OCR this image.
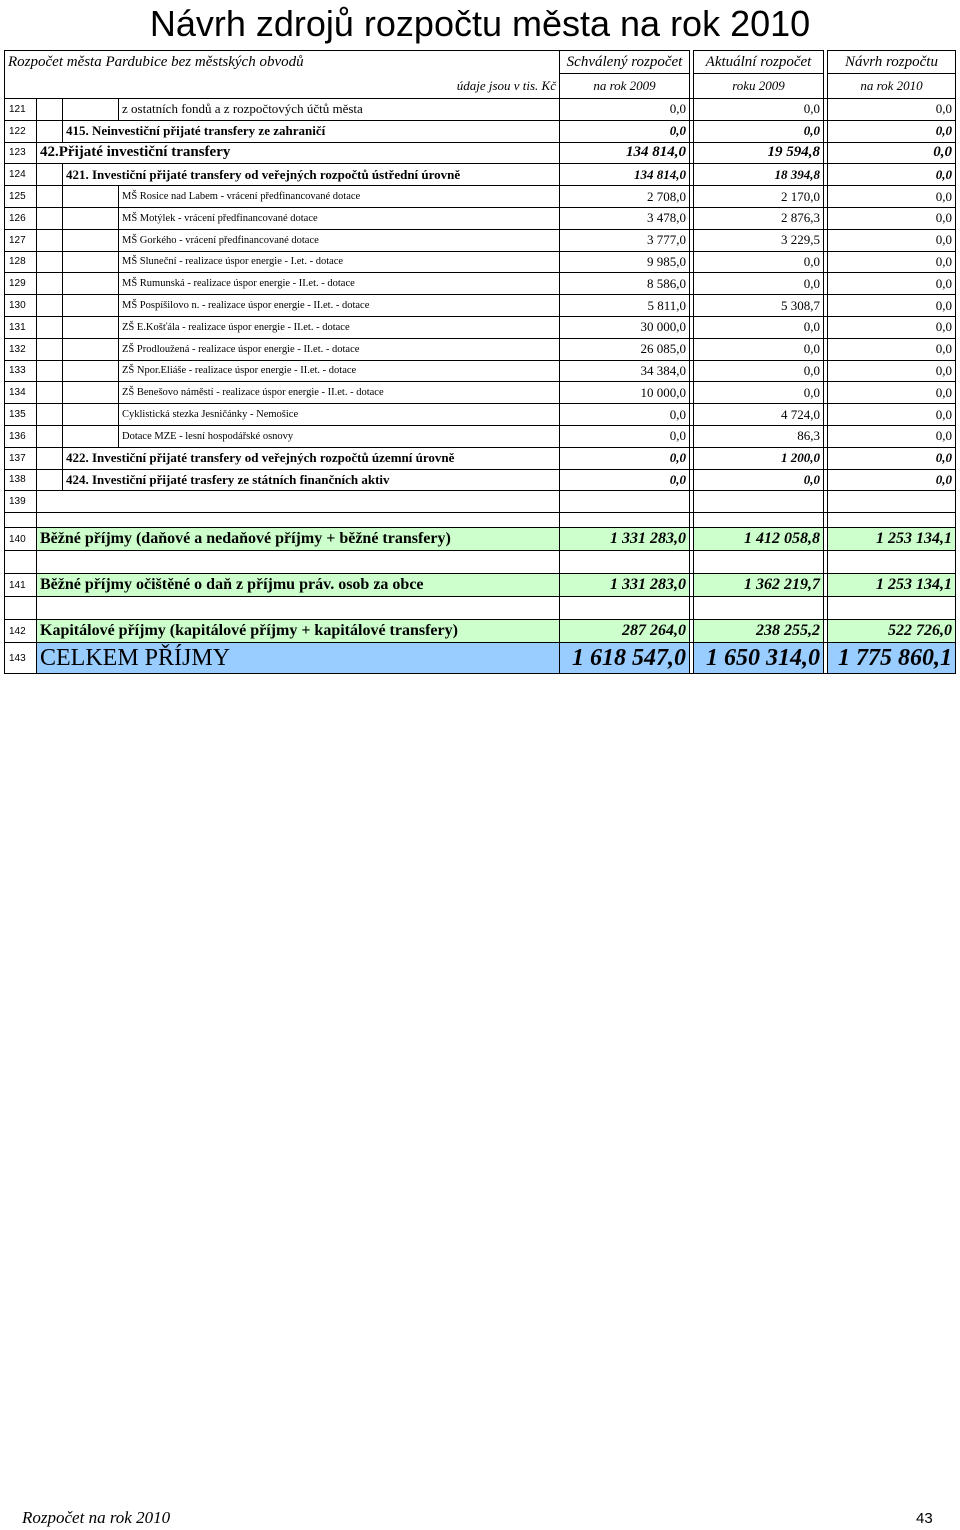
Návrh zdrojů rozpočtu města na rok 2010
Rozpočet města Pardubice bez městských obvodů				Schválený rozpočet		Aktuální rozpočet		Návrh rozpočtu
údaje jsou v tis. Kč				na rok 2009		roku 2009		na rok 2010
121			z ostatních fondů a z rozpočtových účtů města	0,0		0,0		0,0
122		415. Neinvestiční přijaté transfery ze zahraničí		0,0		0,0		0,0
123	42.Přijaté investiční transfery			134 814,0		19 594,8		0,0
124		421. Investiční přijaté transfery od veřejných rozpočtů ústřední úrovně		134 814,0		18 394,8		0,0
125			MŠ Rosice nad Labem - vrácení předfinancované dotace	2 708,0		2 170,0		0,0
126			MŠ Motýlek - vrácení předfinancované dotace	3 478,0		2 876,3		0,0
127			MŠ Gorkého - vrácení předfinancované dotace	3 777,0		3 229,5		0,0
128			MŠ Sluneční - realizace úspor energie - I.et. - dotace	9 985,0		0,0		0,0
129			MŠ Rumunská - realizace úspor energie - II.et. - dotace	8 586,0		0,0		0,0
130			MŠ Pospíšilovo n. - realizace úspor energie - II.et. - dotace	5 811,0		5 308,7		0,0
131			ZŠ E.Košťála - realizace úspor energie - II.et. - dotace	30 000,0		0,0		0,0
132			ZŠ Prodloužená - realizace úspor energie - II.et. - dotace	26 085,0		0,0		0,0
133			ZŠ Npor.Eliáše - realizace úspor energie - II.et. - dotace	34 384,0		0,0		0,0
134			ZŠ Benešovo náměstí - realizace úspor energie - II.et. - dotace	10 000,0		0,0		0,0
135			Cyklistická stezka Jesničánky - Nemošice	0,0		4 724,0		0,0
136			Dotace MZE - lesní hospodářské osnovy	0,0		86,3		0,0
137		422. Investiční přijaté transfery od veřejných rozpočtů územní úrovně		0,0		1 200,0		0,0
138		424. Investiční přijaté trasfery ze státních finančních aktiv		0,0		0,0		0,0
139								

140	Běžné příjmy (daňové a nedaňové příjmy + běžné transfery)			1 331 283,0		1 412 058,8		1 253 134,1

141	Běžné příjmy očištěné o daň z příjmu práv. osob za obce			1 331 283,0		1 362 219,7		1 253 134,1

142	Kapitálové příjmy (kapitálové příjmy + kapitálové transfery)			287 264,0		238 255,2		522 726,0
143	CELKEM PŘÍJMY			1 618 547,0		1 650 314,0		1 775 860,1
Rozpočet na rok 2010	43
